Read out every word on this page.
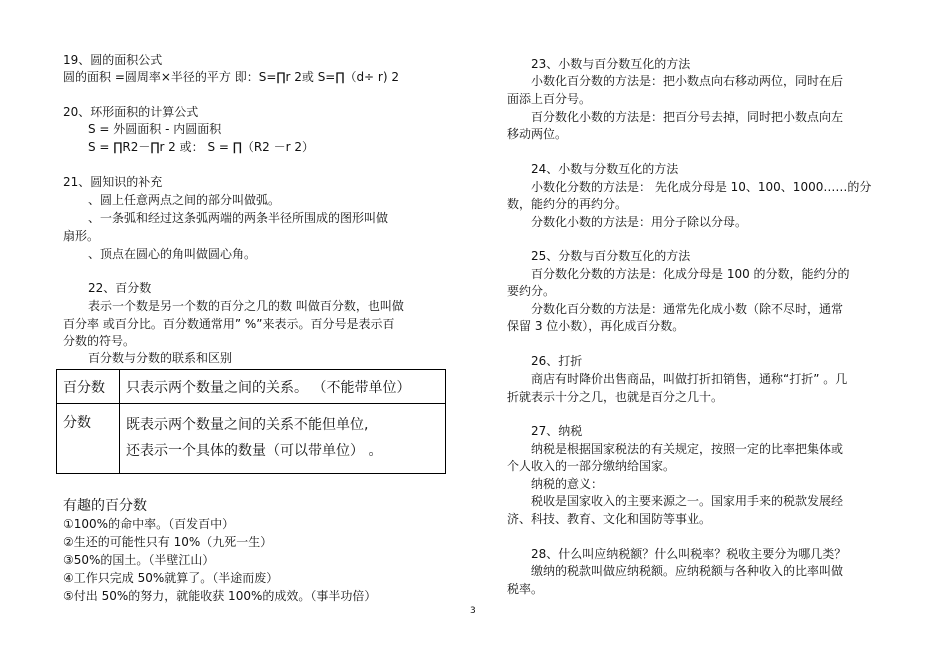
19、圆的面积公式
圆的面积 =圆周率×半径的平方 即：S=∏r 2或 S=∏（d÷ r) 2
20、环形面积的计算公式
S = 外圆面积 - 内圆面积
S = ∏R2－∏r 2 或： S = ∏（R2 －r 2）
21、圆知识的补充
、圆上任意两点之间的部分叫做弧。
、一条弧和经过这条弧两端的两条半径所围成的图形叫做
扇形。
、顶点在圆心的角叫做圆心角。
22、百分数
表示一个数是另一个数的百分之几的数 叫做百分数，也叫做
百分率 或百分比。百分数通常用” %”来表示。百分号是表示百
分数的符号。
百分数与分数的联系和区别
百分数	只表示两个数量之间的关系。 （不能带单位）
分数	既表示两个数量之间的关系不能但单位,
还表示一个具体的数量（可以带单位） 。
有趣的百分数
①100%的命中率。（百发百中）
②生还的可能性只有 10%（九死一生）
③50%的国土。（半壁江山）
④工作只完成 50%就算了。（半途而废）
⑤付出 50%的努力，就能收获 100%的成效。（事半功倍）
23、小数与百分数互化的方法
小数化百分数的方法是：把小数点向右移动两位，同时在后
面添上百分号。
百分数化小数的方法是：把百分号去掉，同时把小数点向左
移动两位。
24、小数与分数互化的方法
小数化分数的方法是： 先化成分母是 10、100、1000……的分
数，能约分的再约分。
分数化小数的方法是：用分子除以分母。
25、分数与百分数互化的方法
百分数化分数的方法是：化成分母是 100 的分数，能约分的
要约分。
分数化百分数的方法是：通常先化成小数（除不尽时，通常
保留 3 位小数），再化成百分数。
26、打折
商店有时降价出售商品，叫做打折扣销售，通称“打折” 。几
折就表示十分之几，也就是百分之几十。
27、纳税
纳税是根据国家税法的有关规定，按照一定的比率把集体或
个人收入的一部分缴纳给国家。
纳税的意义：
税收是国家收入的主要来源之一。国家用手来的税款发展经
济、科技、教育、文化和国防等事业。
28、什么叫应纳税额？什么叫税率？税收主要分为哪几类？
缴纳的税款叫做应纳税额。应纳税额与各种收入的比率叫做
税率。
3
